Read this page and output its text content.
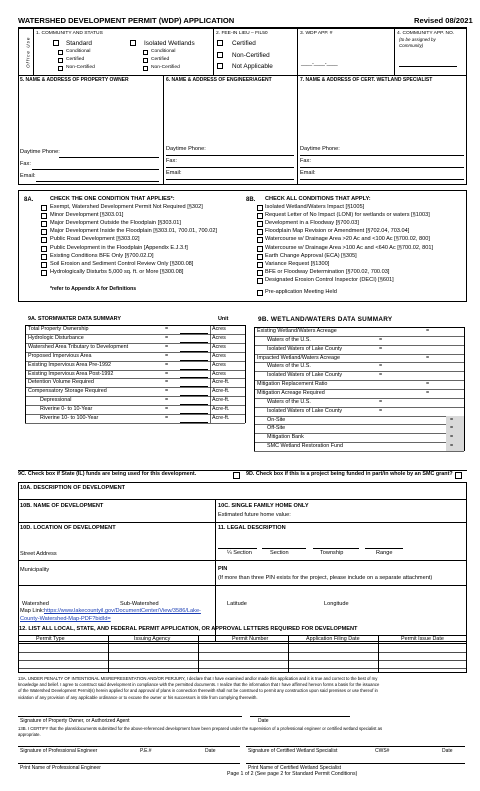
WATERSHED DEVELOPMENT PERMIT (WDP) APPLICATION	Revised 08/2021
Office Use
1. COMMUNITY AND STATUS
Standard	Isolated Wetlands
Conditional
Certified
Non-Certified
Conditional
Certified
Non-Certified
2. FEE-IN LIEU – FIL50
Certified
Non-Certified
Not Applicable
3. WDP APP. #
____-____-____
4. COMMUNITY APP. NO.
(to be assigned by
Community)
5. NAME & ADDRESS OF PROPERTY OWNER	6. NAME & ADDRESS OF ENGINEER/AGENT	7. NAME & ADDRESS OF CERT. WETLAND SPECIALIST
Daytime Phone:
Fax:
Email:
Daytime Phone:
Fax:
Email:
Daytime Phone:
Fax:
Email:
8A.	CHECK THE ONE CONDITION THAT APPLIES*:
*refer to Appendix A for Definitions
8B. CHECK ALL CONDITIONS THAT APPLY:
9A. STORMWATER DATA SUMMARY	Unit	9B. WETLAND/WATERS DATA SUMMARY
9C. Check box if State (IL) funds are being used for this development.	9D. Check box if this is a project being funded in part/in whole by an SMC grant?
10A. DESCRIPTION OF DEVELOPMENT
10B. NAME OF DEVELOPMENT	10C. SINGLE FAMILY HOME ONLY
Estimated future home value:
10D. LOCATION OF DEVELOPMENT	11. LEGAL DESCRIPTION
Street Address	¼ Section	Section	Township	Range
Municipality	PIN
(If more than three PIN exists for the project, please include on a separate attachment)
Watershed	Sub-Watershed
Map Link: https://www.lakecountyil.gov/DocumentCenter/View/3586/Lake-
County-Watershed-Map-PDF?bidId=
Latitude	Longitude
12. LIST ALL LOCAL, STATE, AND FEDERAL PERMIT APPLICATION, OR APPROVAL LETTERS REQUIRED FOR DEVELOPMENT
Signature of Property Owner, or Authorized Agent	Date
Signature of Professional Engineer	P.E.#	Date	Signature of Certified Wetland Specialist	CWS#	Date
Print Name of Professional Engineer	Print Name of Certified Wetland Specialist
Page 1 of 2 (See page 2 for Standard Permit Conditions)
Exempt, Watershed Development Permit Not Required [§302]
Minor Development [§303.01]
Major Development Outside the Floodplain [§303.01]
Major Development Inside the Floodplain [§303.01, 700.01, 700.02]
Public Road Development [§303.02]
Public Development in the Floodplain [Appendix E.J.3.f]
Existing Conditions BFE Only [§700.02.D]
Soil Erosion and Sediment Control Review Only [§300.08]
Hydrologically Disturbs 5,000 sq. ft. or More [§300.08]
Isolated Wetland/Waters Impact [§1005]
Request Letter of No Impact (LONI) for wetlands or waters [§1003]
Development in a Floodway [§700.03]
Floodplain Map Revision or Amendment [§702.04, 703.04]
Watercourse w/ Drainage Area >20 Ac and <100 Ac [§700.02, 800]
Watercourse w/ Drainage Area >100 Ac and <640 Ac [§700.02, 801]
Earth Change Approval (ECA) [§305]
Variance Request [§1300]
BFE or Floodway Determination [§700.02, 700.03]
Designated Erosion Control Inspector (DECI) [§601]
Pre-application Meeting Held
Total Property Ownership	=	Acres
Hydrologic Disturbance	=	Acres
Watershed Area Tributary to Development	=	Acres
Proposed Impervious Area	=	Acres
Existing Impervious Area Pre-1992	=	Acres
Existing Impervious Area Post-1992	=	Acres
Detention Volume Required	=	Acre-ft.
Compensatory Storage Required	=	Acre-ft.
Depressional	=	Acre-ft.
Riverine 0- to 10-Year	=	Acre-ft.
Riverine 10- to 100-Year	=	Acre-ft.
Existing Wetland/Waters Acreage	=
Waters of the U.S.	=
Isolated Waters of Lake County	=
Impacted Wetland/Waters Acreage	=
Waters of the U.S.	=
Isolated Waters of Lake County	=
Mitigation Replacement Ratio	=
Mitigation Acreage Required	=
Waters of the U.S.	=
Isolated Waters of Lake County	=
On-Site	=
Off-Site	=
Mitigation Bank	=
SMC Wetland Restoration Fund	=
Permit Type	Issuing Agency	Permit Number	Application Filing Date	Permit Issue Date
13A. UNDER PENALTY OF INTENTIONAL MISREPRESENTATION AND/OR PERJURY, I declare that I have examined and/or made this application and it is true and correct to the best of my
knowledge and belief. I agree to construct said development in compliance with the permitted documents. I realize that the information that I have affirmed hereon forms a basis for the issuance
of the Watershed Development Permit(s) herein applied for and approval of plans in connection therewith shall not be construed to permit any construction upon said premises or use thereof in
violation of any provision of any applicable ordinance or to excuse the owner or his successors in title from complying therewith.
13B. I CERTIFY that the plans/documents submitted for the above-referenced development have been prepared under the supervision of a professional engineer or certified wetland specialist as
appropriate.
